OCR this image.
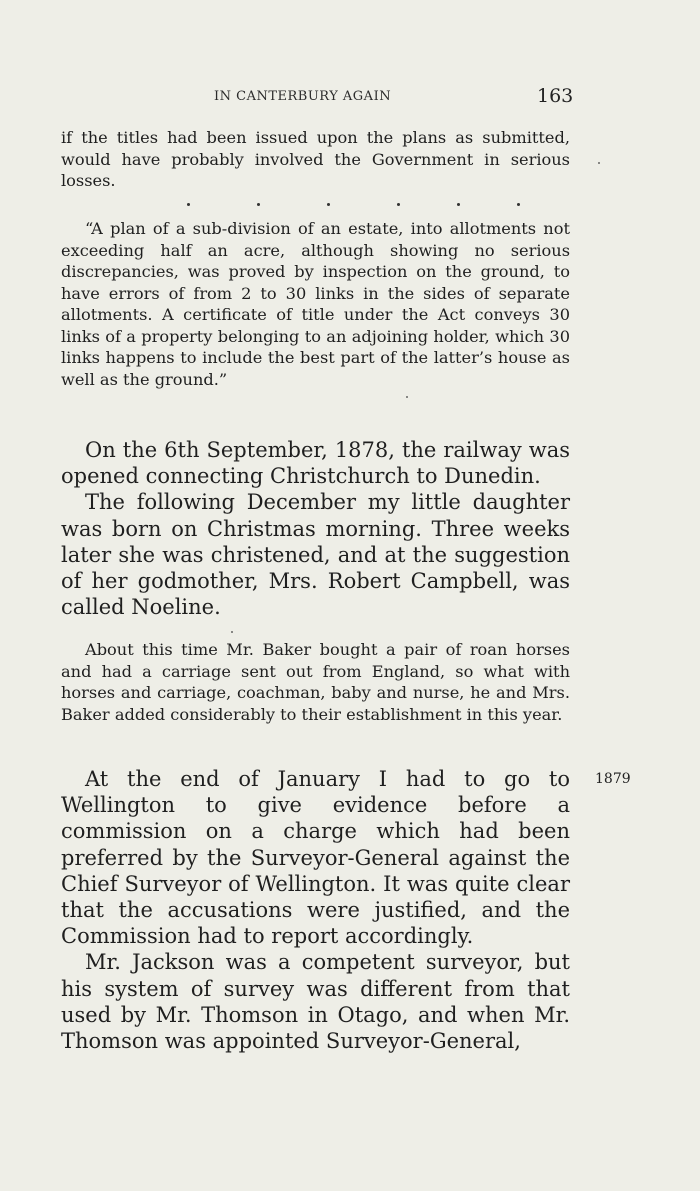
IN CANTERBURY AGAIN	163

if the titles had been issued upon the plans as submitted, would have probably involved the Government in serious losses.

“A plan of a sub-division of an estate, into allotments not exceeding half an acre, although showing no serious discrepancies, was proved by inspection on the ground, to have errors of from 2 to 30 links in the sides of separate allotments. A certificate of title under the Act conveys 30 links of a property belonging to an adjoining holder, which 30 links happens to include the best part of the latter’s house as well as the ground.”

On the 6th September, 1878, the railway was opened connecting Christchurch to Dunedin.

The following December my little daughter was born on Christmas morning. Three weeks later she was christened, and at the suggestion of her godmother, Mrs. Robert Campbell, was called Noeline.

About this time Mr. Baker bought a pair of roan horses and had a carriage sent out from England, so what with horses and carriage, coachman, baby and nurse, he and Mrs. Baker added considerably to their establishment in this year.

At the end of January I had to go to Wellington to give evidence before a commission on a charge which had been preferred by the Surveyor-General against the Chief Surveyor of Wellington. It was quite clear that the accusations were justified, and the Commission had to report accordingly.

Mr. Jackson was a competent surveyor, but his system of survey was different from that used by Mr. Thomson in Otago, and when Mr. Thomson was appointed Surveyor-General,

1879
